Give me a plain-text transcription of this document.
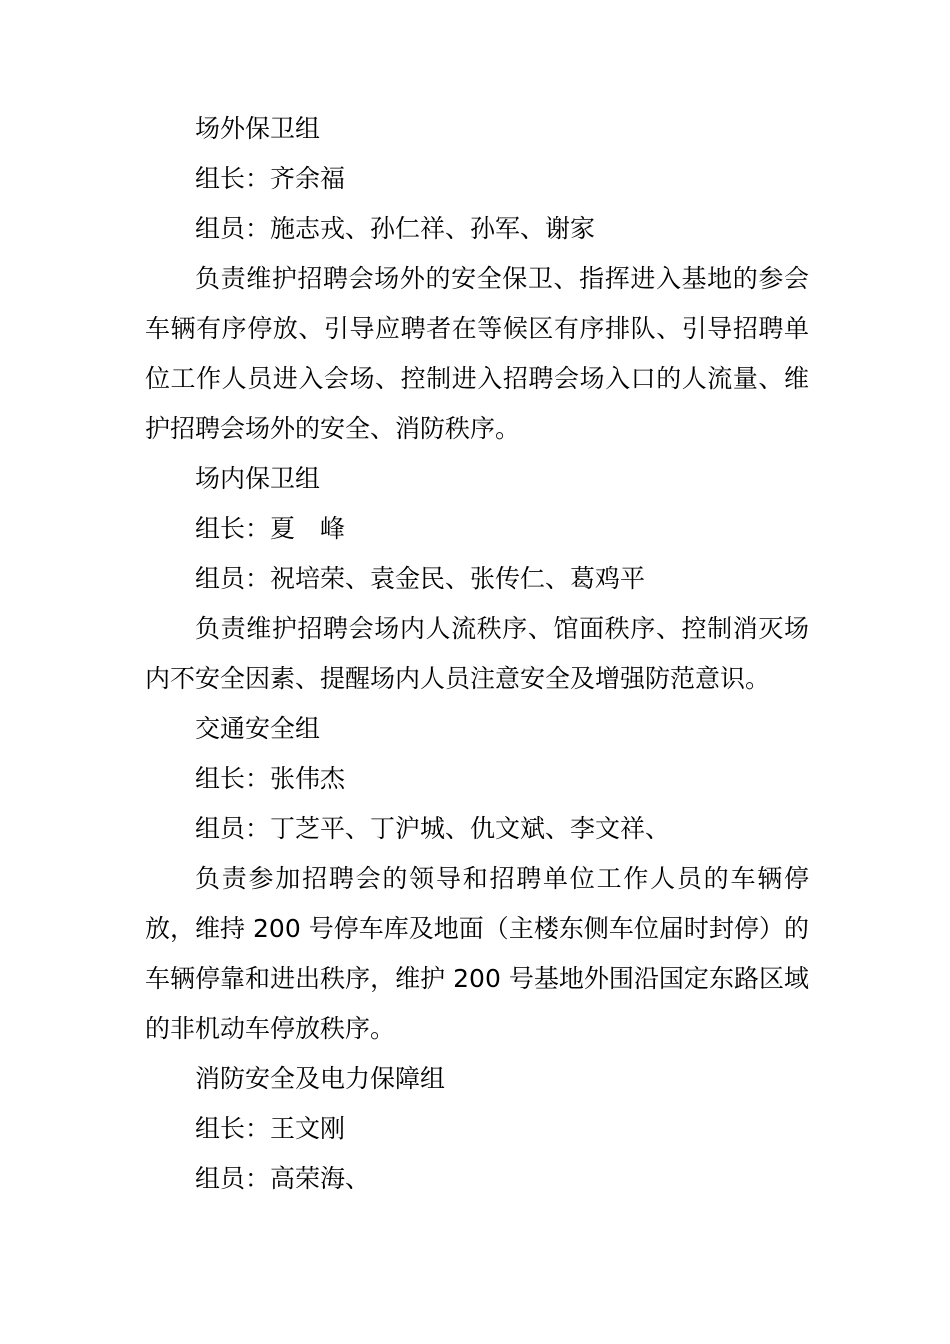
场外保卫组

组长：齐余福

组员：施志戎、孙仁祥、孙军、谢家

负责维护招聘会场外的安全保卫、指挥进入基地的参会车辆有序停放、引导应聘者在等候区有序排队、引导招聘单位工作人员进入会场、控制进入招聘会场入口的人流量、维护招聘会场外的安全、消防秩序。

场内保卫组

组长：夏　峰

组员：祝培荣、袁金民、张传仁、葛鸡平

负责维护招聘会场内人流秩序、馆面秩序、控制消灭场内不安全因素、提醒场内人员注意安全及增强防范意识。

交通安全组

组长：张伟杰

组员：丁芝平、丁沪城、仇文斌、李文祥、

负责参加招聘会的领导和招聘单位工作人员的车辆停放，维持 200 号停车库及地面（主楼东侧车位届时封停）的车辆停靠和进出秩序，维护 200 号基地外围沿国定东路区域的非机动车停放秩序。

消防安全及电力保障组

组长：王文刚

组员：高荣海、
